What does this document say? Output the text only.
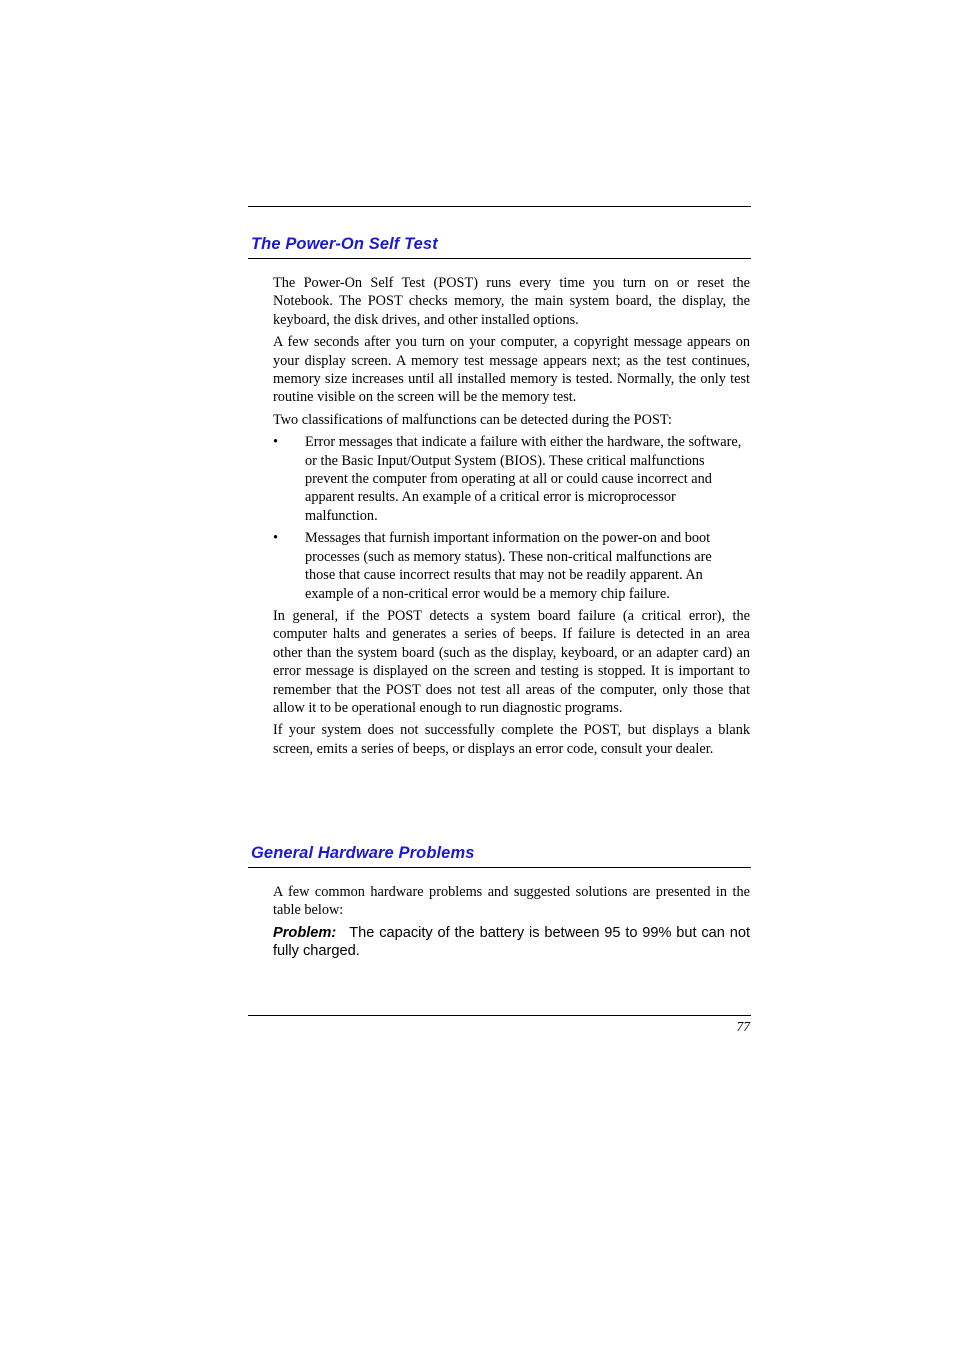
The Power-On Self Test

The Power-On Self Test (POST) runs every time you turn on or reset the Notebook. The POST checks memory, the main system board, the display, the keyboard, the disk drives, and other installed options.

A few seconds after you turn on your computer, a copyright message appears on your display screen. A memory test message appears next; as the test continues, memory size increases until all installed memory is tested. Normally, the only test routine visible on the screen will be the memory test.

Two classifications of malfunctions can be detected during the POST:

• Error messages that indicate a failure with either the hardware, the software, or the Basic Input/Output System (BIOS). These critical malfunctions prevent the computer from operating at all or could cause incorrect and apparent results. An example of a critical error is microprocessor malfunction.
• Messages that furnish important information on the power-on and boot processes (such as memory status). These non-critical malfunctions are those that cause incorrect results that may not be readily apparent. An example of a non-critical error would be a memory chip failure.

In general, if the POST detects a system board failure (a critical error), the computer halts and generates a series of beeps. If failure is detected in an area other than the system board (such as the display, keyboard, or an adapter card) an error message is displayed on the screen and testing is stopped. It is important to remember that the POST does not test all areas of the computer, only those that allow it to be operational enough to run diagnostic programs.

If your system does not successfully complete the POST, but displays a blank screen, emits a series of beeps, or displays an error code, consult your dealer.

General Hardware Problems

A few common hardware problems and suggested solutions are presented in the table below:

Problem: The capacity of the battery is between 95 to 99% but can not fully charged.

77
